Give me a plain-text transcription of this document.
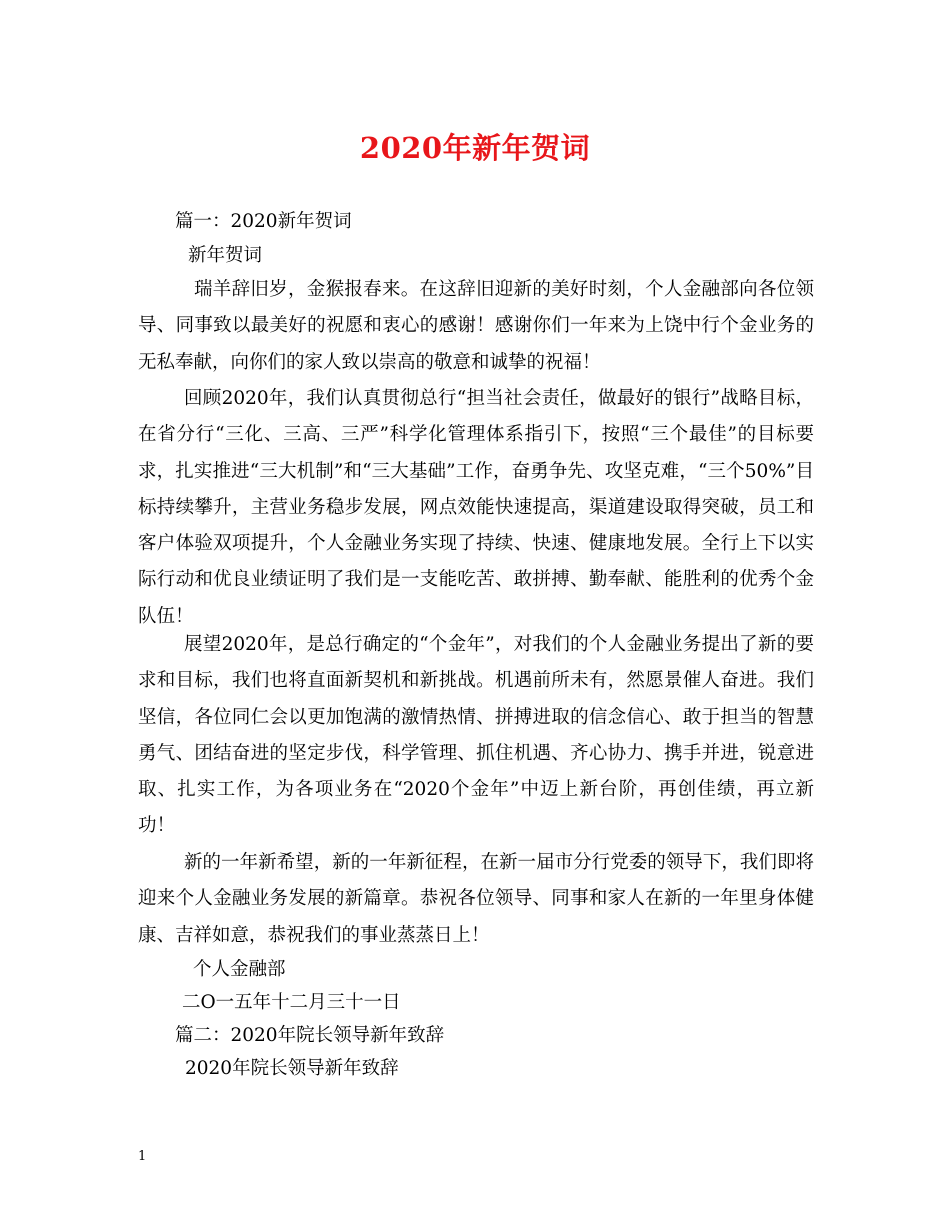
2020年新年贺词
篇一：2020新年贺词
新年贺词
瑞羊辞旧岁，金猴报春来。在这辞旧迎新的美好时刻，个人金融部向各位领导、同事致以最美好的祝愿和衷心的感谢！感谢你们一年来为上饶中行个金业务的无私奉献，向你们的家人致以崇高的敬意和诚挚的祝福！
回顾2020年，我们认真贯彻总行“担当社会责任，做最好的银行”战略目标，在省分行“三化、三高、三严”科学化管理体系指引下，按照“三个最佳”的目标要求，扎实推进“三大机制”和“三大基础”工作，奋勇争先、攻坚克难，“三个50%”目标持续攀升，主营业务稳步发展，网点效能快速提高，渠道建设取得突破，员工和客户体验双项提升，个人金融业务实现了持续、快速、健康地发展。全行上下以实际行动和优良业绩证明了我们是一支能吃苦、敢拼搏、勤奉献、能胜利的优秀个金队伍！
展望2020年，是总行确定的“个金年”，对我们的个人金融业务提出了新的要求和目标，我们也将直面新契机和新挑战。机遇前所未有，然愿景催人奋进。我们坚信，各位同仁会以更加饱满的激情热情、拼搏进取的信念信心、敢于担当的智慧勇气、团结奋进的坚定步伐，科学管理、抓住机遇、齐心协力、携手并进，锐意进取、扎实工作，为各项业务在“2020个金年”中迈上新台阶，再创佳绩，再立新功！
新的一年新希望，新的一年新征程，在新一届市分行党委的领导下，我们即将迎来个人金融业务发展的新篇章。恭祝各位领导、同事和家人在新的一年里身体健康、吉祥如意，恭祝我们的事业蒸蒸日上！
个人金融部
二O一五年十二月三十一日
篇二：2020年院长领导新年致辞
2020年院长领导新年致辞
1
